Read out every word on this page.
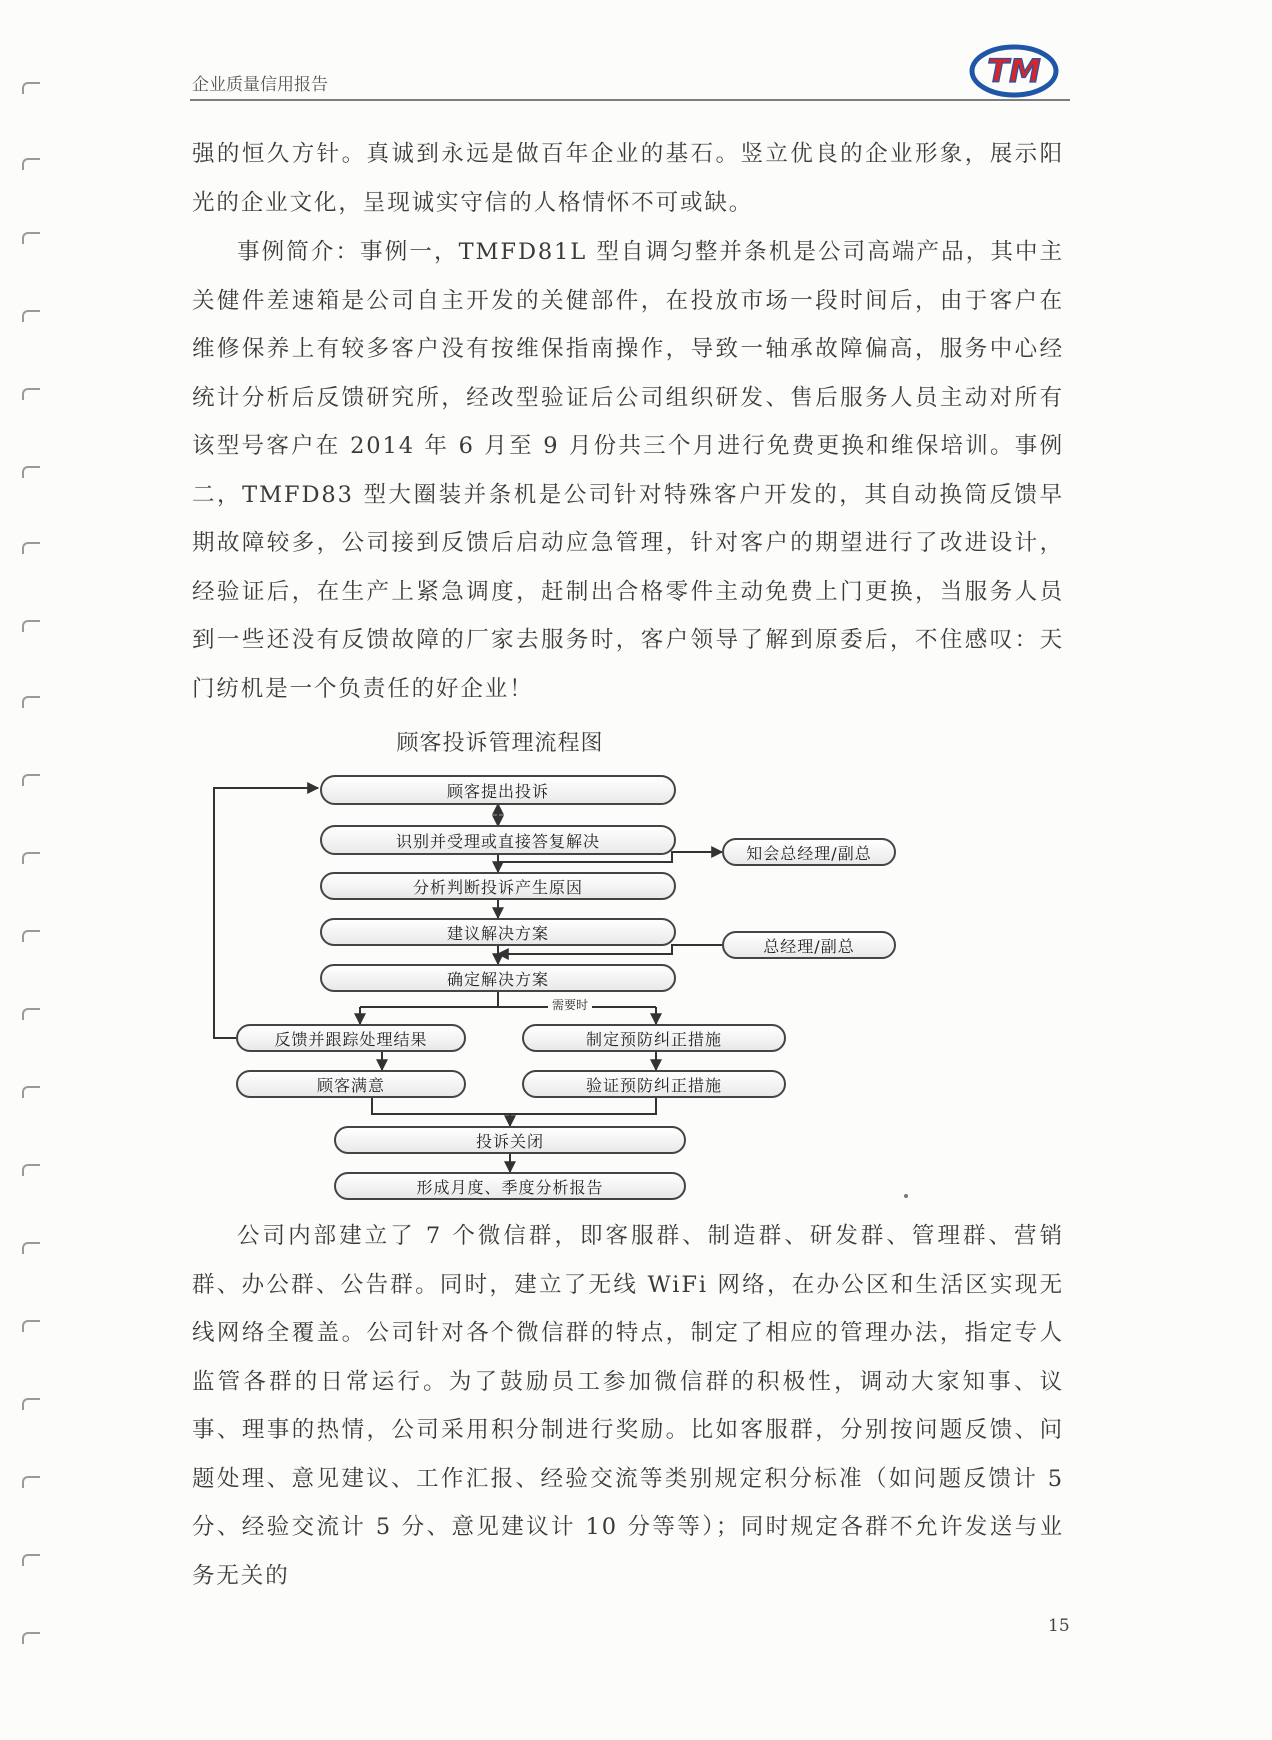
企业质量信用报告	TM

强的恒久方针。真诚到永远是做百年企业的基石。竖立优良的企业形象，展示阳光的企业文化，呈现诚实守信的人格情怀不可或缺。

事例简介：事例一，TMFD81L 型自调匀整并条机是公司高端产品，其中主关健件差速箱是公司自主开发的关健部件，在投放市场一段时间后，由于客户在维修保养上有较多客户没有按维保指南操作，导致一轴承故障偏高，服务中心经统计分析后反馈研究所，经改型验证后公司组织研发、售后服务人员主动对所有该型号客户在 2014 年 6 月至 9 月份共三个月进行免费更换和维保培训。事例二，TMFD83 型大圈装并条机是公司针对特殊客户开发的，其自动换筒反馈早期故障较多，公司接到反馈后启动应急管理，针对客户的期望进行了改进设计，经验证后，在生产上紧急调度，赶制出合格零件主动免费上门更换，当服务人员到一些还没有反馈故障的厂家去服务时，客户领导了解到原委后，不住感叹：天门纺机是一个负责任的好企业！

顾客投诉管理流程图
顾客提出投诉
识别并受理或直接答复解决
分析判断投诉产生原因
建议解决方案
确定解决方案
知会总经理/副总
总经理/副总
需要时
反馈并跟踪处理结果	制定预防纠正措施
顾客满意	验证预防纠正措施
投诉关闭
形成月度、季度分析报告

公司内部建立了 7 个微信群，即客服群、制造群、研发群、管理群、营销群、办公群、公告群。同时，建立了无线 WiFi 网络，在办公区和生活区实现无线网络全覆盖。公司针对各个微信群的特点，制定了相应的管理办法，指定专人监管各群的日常运行。为了鼓励员工参加微信群的积极性，调动大家知事、议事、理事的热情，公司采用积分制进行奖励。比如客服群，分别按问题反馈、问题处理、意见建议、工作汇报、经验交流等类别规定积分标准（如问题反馈计 5 分、经验交流计 5 分、意见建议计 10 分等等）；同时规定各群不允许发送与业务无关的

15
